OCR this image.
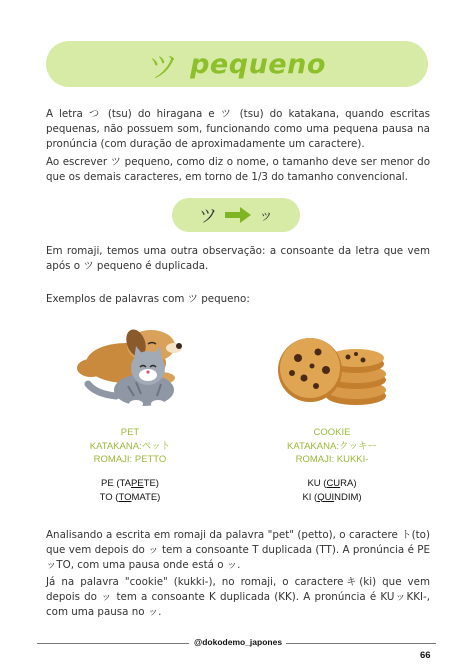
ツ pequeno

A letra つ (tsu) do hiragana e ツ (tsu) do katakana, quando escritas pequenas, não possuem som, funcionando como uma pequena pausa na pronúncia (com duração de aproximadamente um caractere).

Ao escrever ツ pequeno, como diz o nome, o tamanho deve ser menor do que os demais caracteres, em torno de 1/3 do tamanho convencional.

ツ	ッ

Em romaji, temos uma outra observação: a consoante da letra que vem após o ツ pequeno é duplicada.

Exemplos de palavras com ツ pequeno:

PET
KATAKANA:ペット
ROMAJI: PETTO
PE (TAPETE)
TO (TOMATE)
COOKIE
KATAKANA:クッキー
ROMAJI: KUKKI-
KU (CURA)
KI (QUINDIM)

Analisando a escrita em romaji da palavra "pet" (petto), o caractere ト(to) que vem depois do ッ tem a consoante T duplicada (TT). A pronúncia é PEッTO, com uma pausa onde está o ッ.

Já na palavra "cookie" (kukki-), no romaji, o caractereキ(ki) que vem depois do ッ tem a consoante K duplicada (KK). A pronúncia é KUッKKI-, com uma pausa no ッ.

@dokodemo_japones
66
